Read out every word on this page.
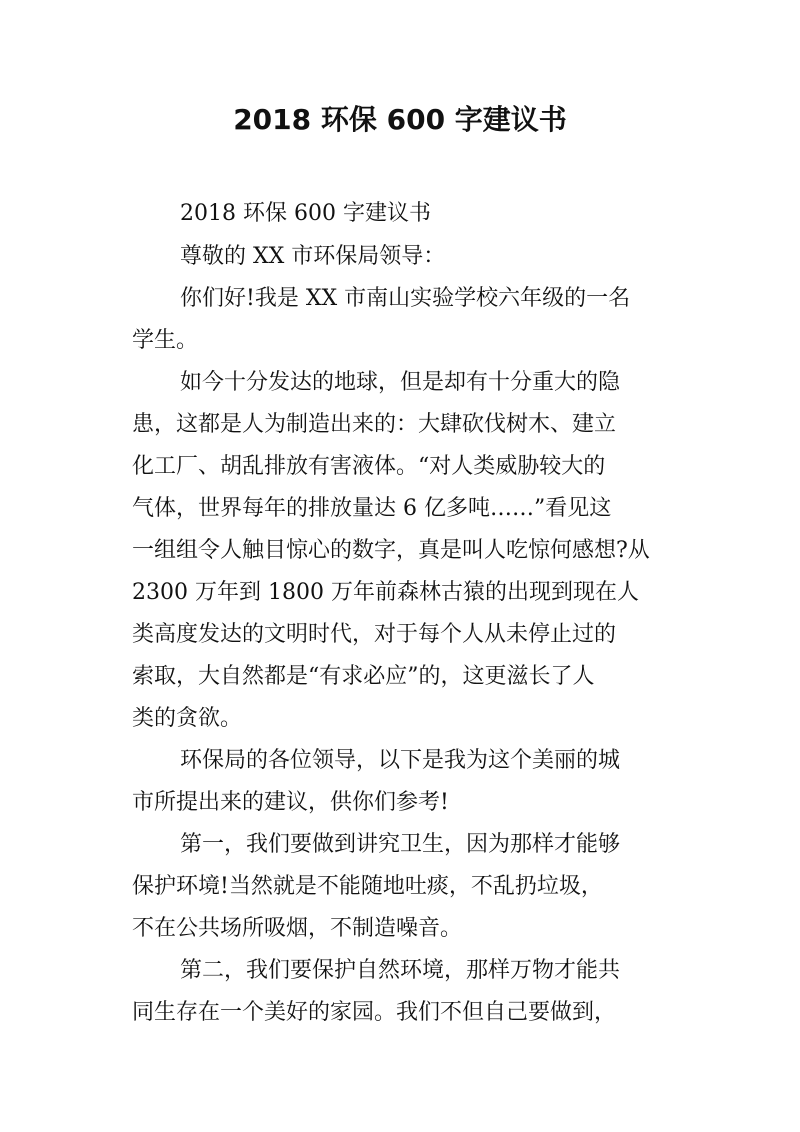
2018 环保 600 字建议书
2018 环保 600 字建议书
尊敬的 XX 市环保局领导：
你们好!我是 XX 市南山实验学校六年级的一名
学生。
如今十分发达的地球，但是却有十分重大的隐
患，这都是人为制造出来的：大肆砍伐树木、建立
化工厂、胡乱排放有害液体。“对人类威胁较大的
气体，世界每年的排放量达 6 亿多吨……”看见这
一组组令人触目惊心的数字，真是叫人吃惊何感想?从
2300 万年到 1800 万年前森林古猿的出现到现在人
类高度发达的文明时代，对于每个人从未停止过的
索取，大自然都是“有求必应”的，这更滋长了人
类的贪欲。
环保局的各位领导，以下是我为这个美丽的城
市所提出来的建议，供你们参考!
第一，我们要做到讲究卫生，因为那样才能够
保护环境!当然就是不能随地吐痰，不乱扔垃圾，
不在公共场所吸烟，不制造噪音。
第二，我们要保护自然环境，那样万物才能共
同生存在一个美好的家园。我们不但自己要做到，
